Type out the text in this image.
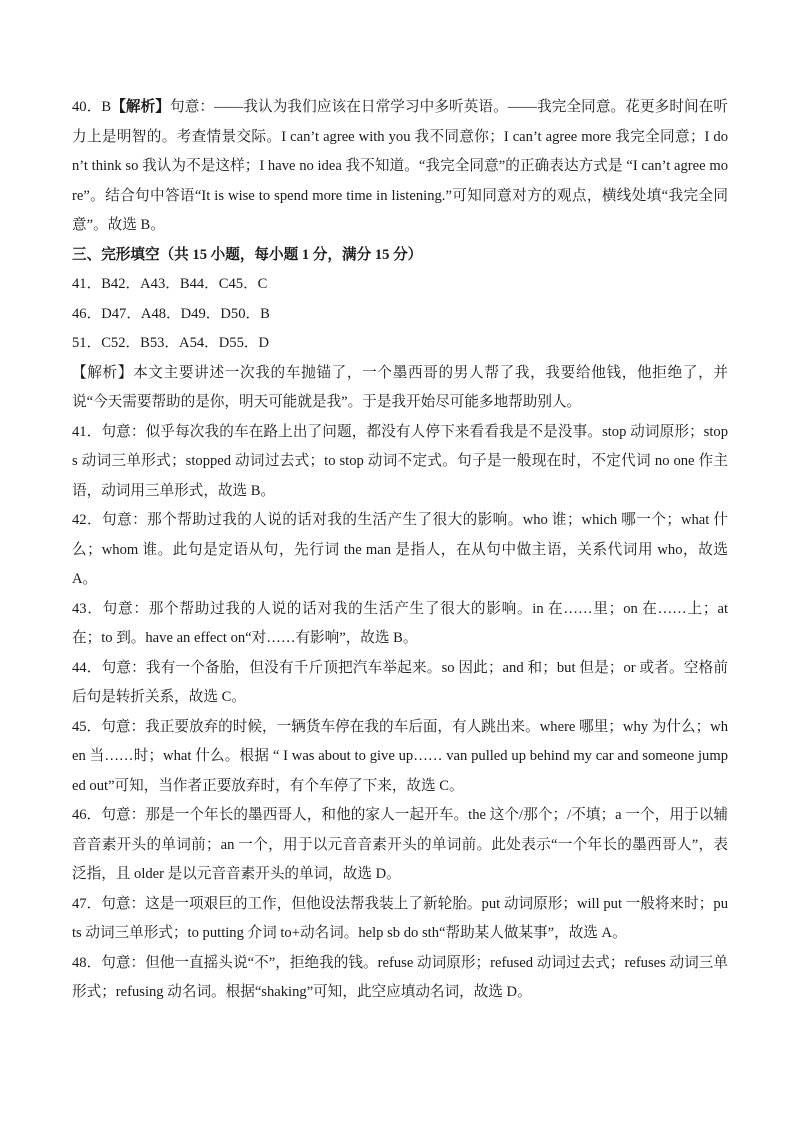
40．B【解析】句意：——我认为我们应该在日常学习中多听英语。——我完全同意。花更多时间在听力上是明智的。考查情景交际。I can’t agree with you 我不同意你；I can’t agree more 我完全同意；I don’t think so 我认为不是这样；I have no idea 我不知道。“我完全同意”的正确表达方式是 “I can’t agree more”。结合句中答语“It is wise to spend more time in listening.”可知同意对方的观点，横线处填“我完全同意”。故选 B。

三、完形填空（共 15 小题，每小题 1 分，满分 15 分）

41．B42．A43．B44．C45．C

46．D47．A48．D49．D50．B

51．C52．B53．A54．D55．D

【解析】本文主要讲述一次我的车抛锚了，一个墨西哥的男人帮了我，我要给他钱，他拒绝了，并说“今天需要帮助的是你，明天可能就是我”。于是我开始尽可能多地帮助别人。

41．句意：似乎每次我的车在路上出了问题，都没有人停下来看看我是不是没事。stop 动词原形；stops 动词三单形式；stopped 动词过去式；to stop 动词不定式。句子是一般现在时，不定代词 no one 作主语，动词用三单形式，故选 B。

42．句意：那个帮助过我的人说的话对我的生活产生了很大的影响。who 谁；which 哪一个；what 什么；whom 谁。此句是定语从句，先行词 the man 是指人，在从句中做主语，关系代词用 who，故选 A。

43．句意：那个帮助过我的人说的话对我的生活产生了很大的影响。in 在……里；on 在……上；at 在；to 到。have an effect on“对……有影响”，故选 B。

44．句意：我有一个备胎，但没有千斤顶把汽车举起来。so 因此；and 和；but 但是；or 或者。空格前后句是转折关系，故选 C。

45．句意：我正要放弃的时候，一辆货车停在我的车后面，有人跳出来。where 哪里；why 为什么；when 当……时；what 什么。根据 “ I was about to give up…… van pulled up behind my car and someone jumped out”可知，当作者正要放弃时，有个车停了下来，故选 C。

46．句意：那是一个年长的墨西哥人，和他的家人一起开车。the 这个/那个；/不填；a 一个，用于以辅音音素开头的单词前；an 一个，用于以元音音素开头的单词前。此处表示“一个年长的墨西哥人”，表泛指，且 older 是以元音音素开头的单词，故选 D。

47．句意：这是一项艰巨的工作，但他设法帮我装上了新轮胎。put 动词原形；will put 一般将来时；puts 动词三单形式；to putting 介词 to+动名词。help sb do sth“帮助某人做某事”，故选 A。

48．句意：但他一直摇头说“不”，拒绝我的钱。refuse 动词原形；refused 动词过去式；refuses 动词三单形式；refusing 动名词。根据“shaking”可知，此空应填动名词，故选 D。
